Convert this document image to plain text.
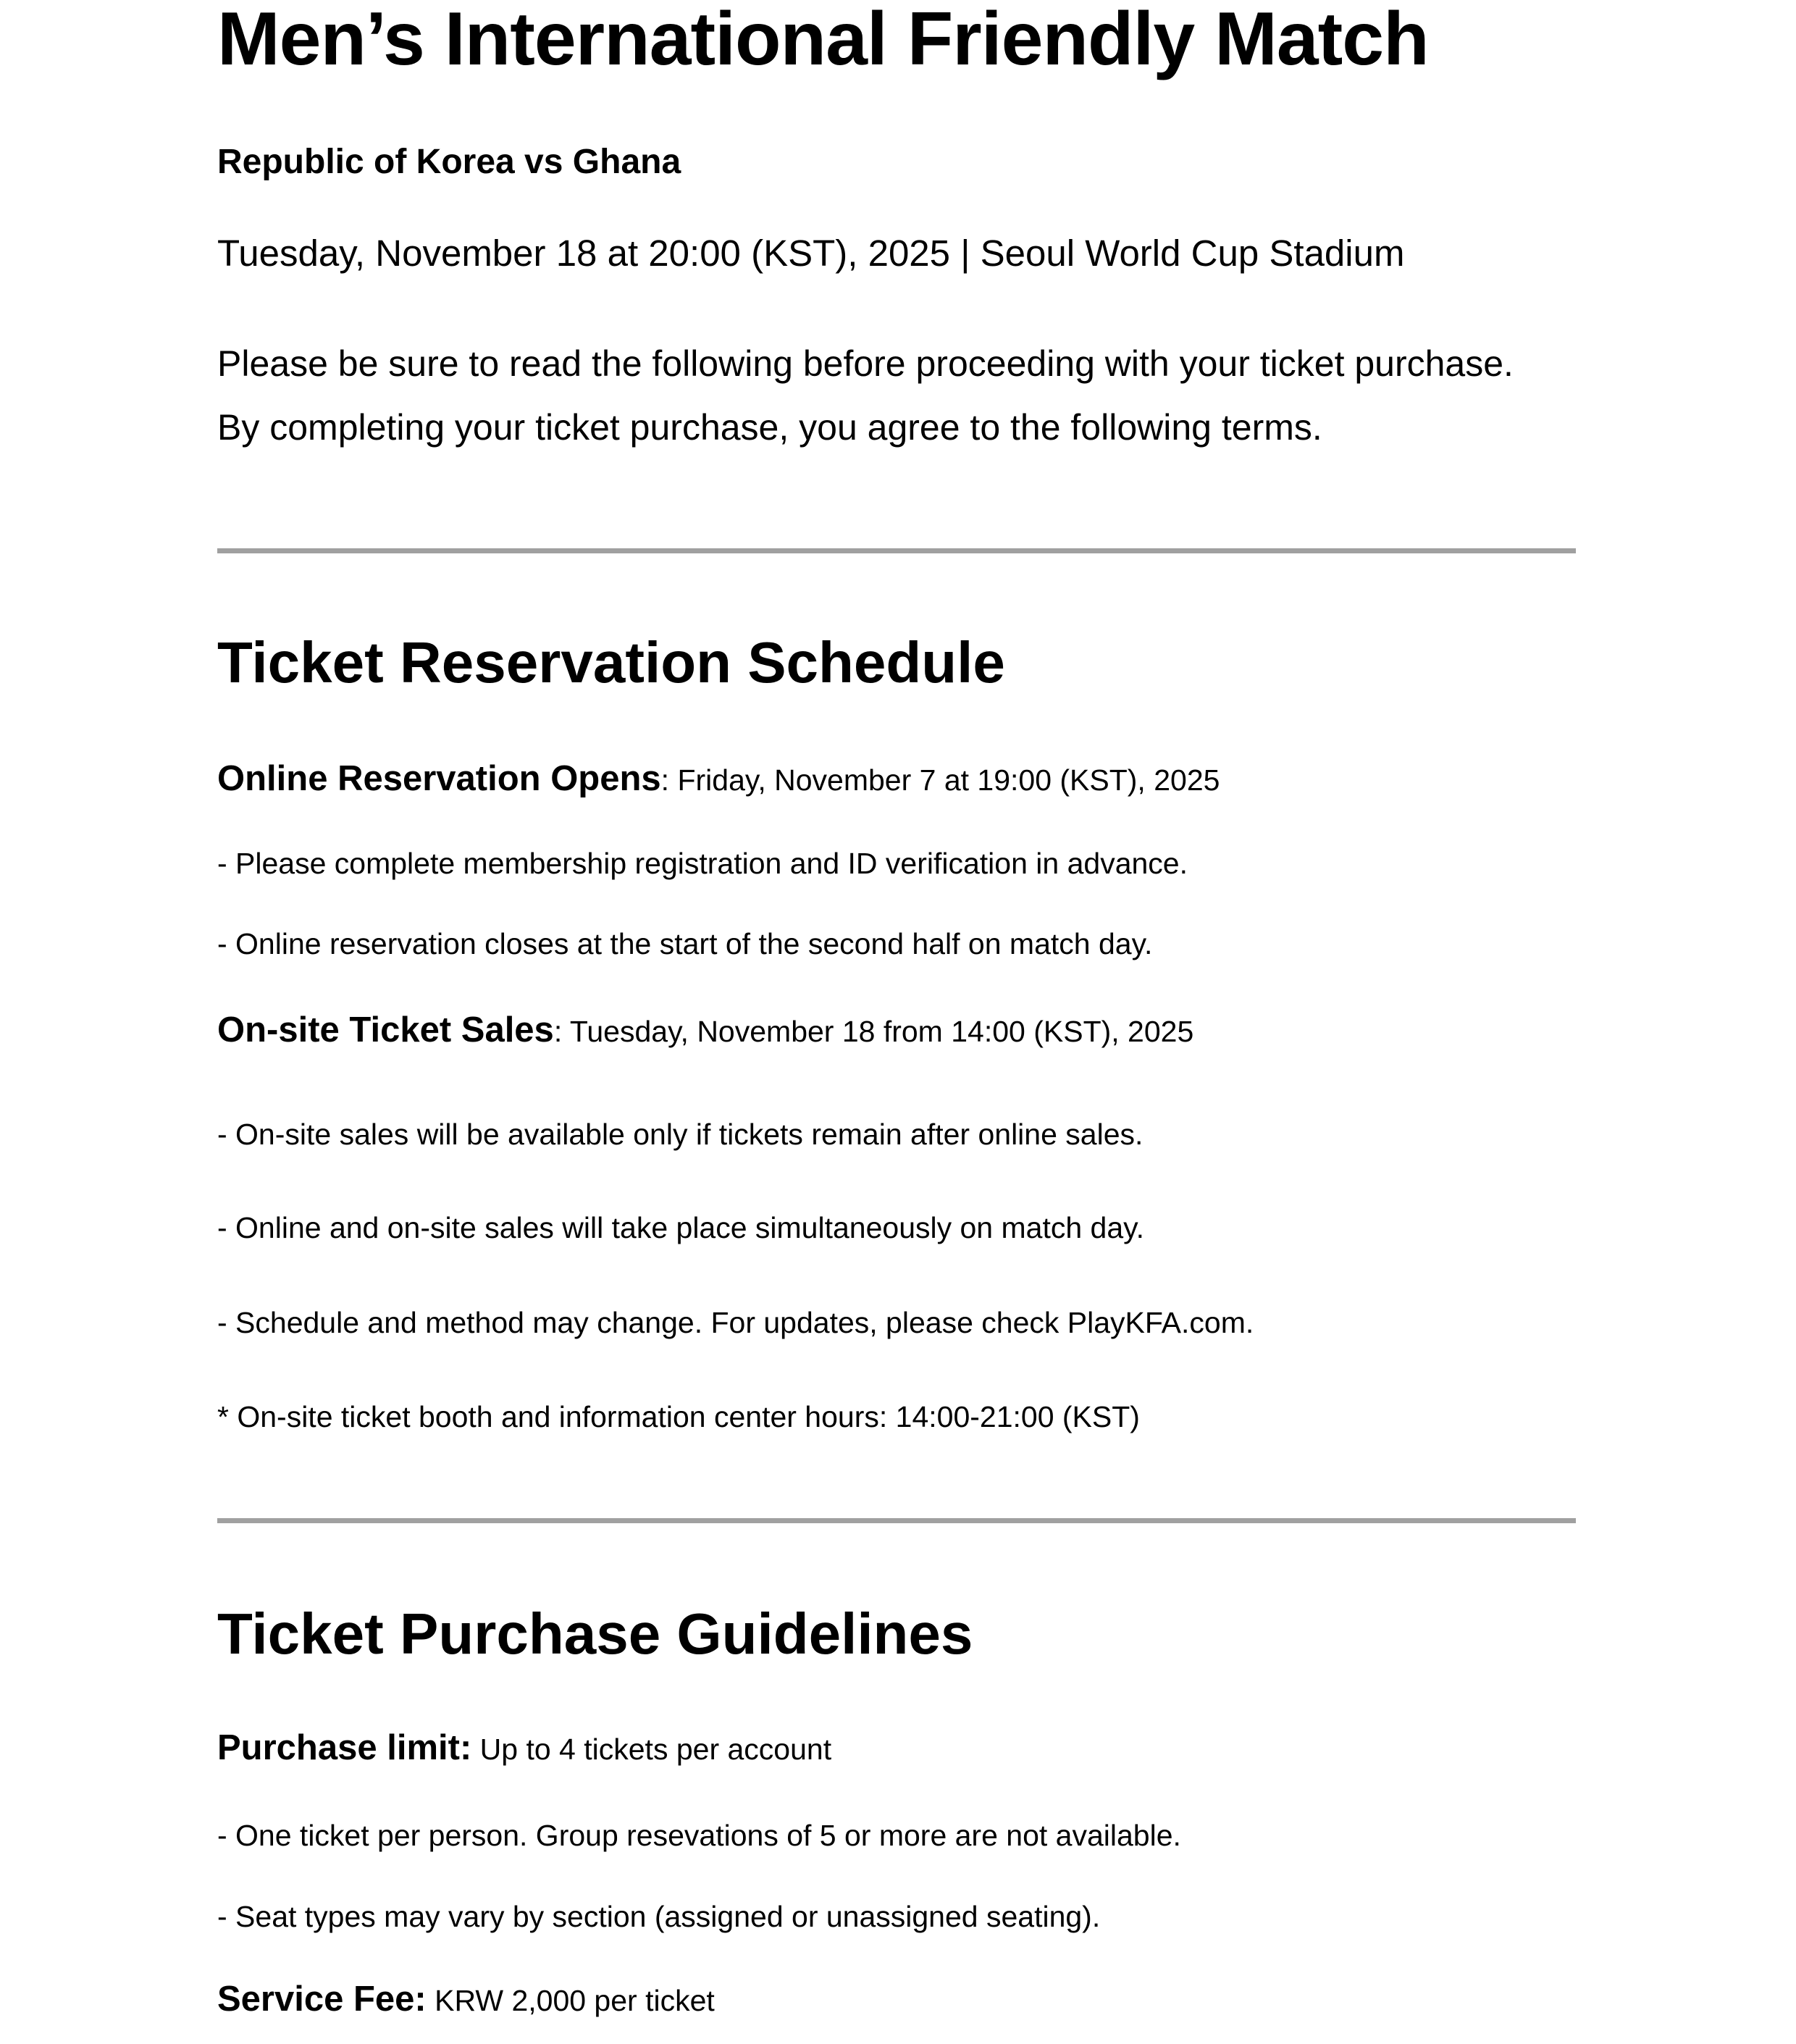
Men’s International Friendly Match
Republic of Korea vs Ghana
Tuesday, November 18 at 20:00 (KST), 2025 | Seoul World Cup Stadium
Please be sure to read the following before proceeding with your ticket purchase.
By completing your ticket purchase, you agree to the following terms.
Ticket Reservation Schedule
Online Reservation Opens: Friday, November 7 at 19:00 (KST), 2025
- Please complete membership registration and ID verification in advance.
- Online reservation closes at the start of the second half on match day.
On-site Ticket Sales: Tuesday, November 18 from 14:00 (KST), 2025
- On-site sales will be available only if tickets remain after online sales.
- Online and on-site sales will take place simultaneously on match day.
- Schedule and method may change. For updates, please check PlayKFA.com.
* On-site ticket booth and information center hours: 14:00-21:00 (KST)
Ticket Purchase Guidelines
Purchase limit: Up to 4 tickets per account
- One ticket per person. Group resevations of 5 or more are not available.
- Seat types may vary by section (assigned or unassigned seating).
Service Fee: KRW 2,000 per ticket
